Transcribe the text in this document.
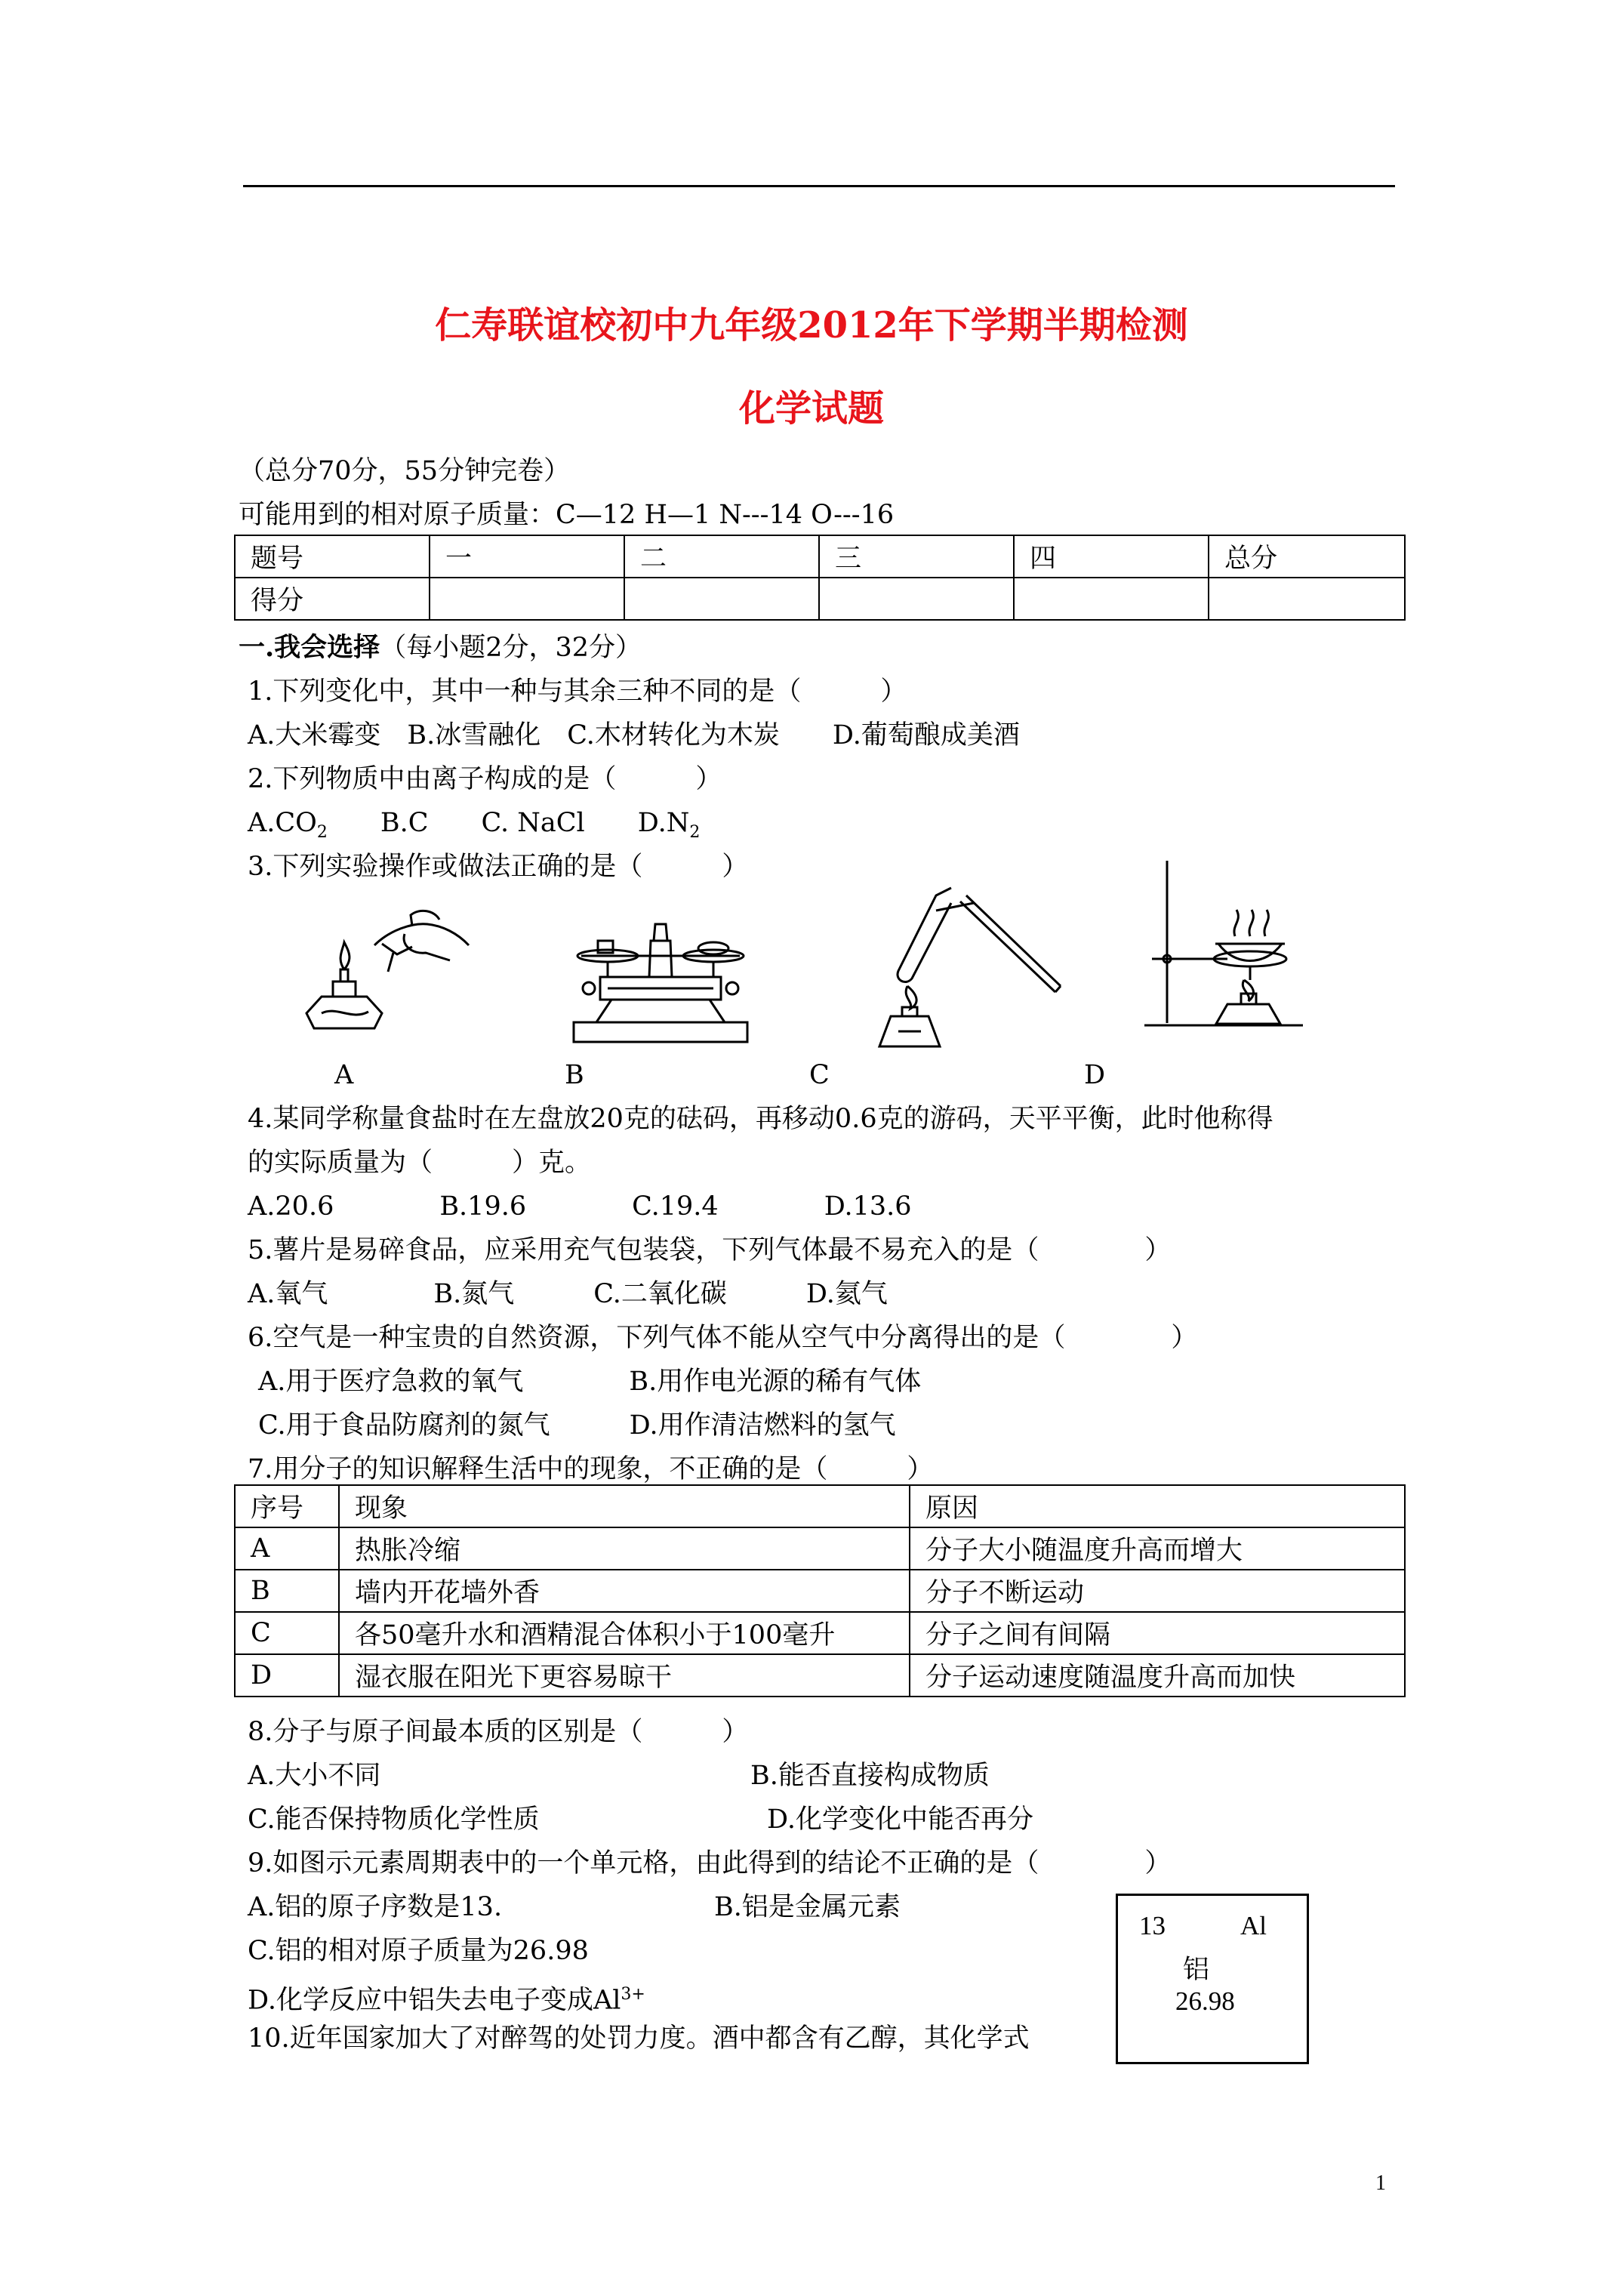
仁寿联谊校初中九年级2012年下学期半期检测
化学试题
（总分70分，55分钟完卷）
可能用到的相对原子质量：C—12 H—1 N---14 O---16
题号	一	二	三	四	总分
得分					
一.我会选择（每小题2分，32分）
1.下列变化中，其中一种与其余三种不同的是（　　　）
A.大米霉变　B.冰雪融化　C.木材转化为木炭　　D.葡萄酿成美酒
2.下列物质中由离子构成的是（　　　）
$A.CO_2$　　B.C　　C. NaCl　　$D.N_2$
3.下列实验操作或做法正确的是（　　　）
A	B	C	D
4.某同学称量食盐时在左盘放20克的砝码，再移动0.6克的游码，天平平衡，此时他称得
的实际质量为（　　　）克。
A.20.6　　　　B.19.6　　　　C.19.4　　　　D.13.6
5.薯片是易碎食品，应采用充气包装袋，下列气体最不易充入的是（　　　　）
A.氧气　　　　B.氮气　　　C.二氧化碳　　　D.氦气
6.空气是一种宝贵的自然资源，下列气体不能从空气中分离得出的是（　　　　）
A.用于医疗急救的氧气　　　　B.用作电光源的稀有气体
C.用于食品防腐剂的氮气　　　D.用作清洁燃料的氢气
7.用分子的知识解释生活中的现象，不正确的是（　　　）
序号	现象	原因
A	热胀冷缩	分子大小随温度升高而增大
B	墙内开花墙外香	分子不断运动
C	各50毫升水和酒精混合体积小于100毫升	分子之间有间隔
D	湿衣服在阳光下更容易晾干	分子运动速度随温度升高而加快
8.分子与原子间最本质的区别是（　　　）
A.大小不同	B.能否直接构成物质
C.能否保持物质化学性质	D.化学变化中能否再分
9.如图示元素周期表中的一个单元格，由此得到的结论不正确的是（　　　　）
A.铝的原子序数是13.	B.铝是金属元素
C.铝的相对原子质量为26.98
D.化学反应中铝失去电子变成$Al^{3+}$
10.近年国家加大了对醉驾的处罚力度。酒中都含有乙醇，其化学式
13	Al
铝
26.98
1
